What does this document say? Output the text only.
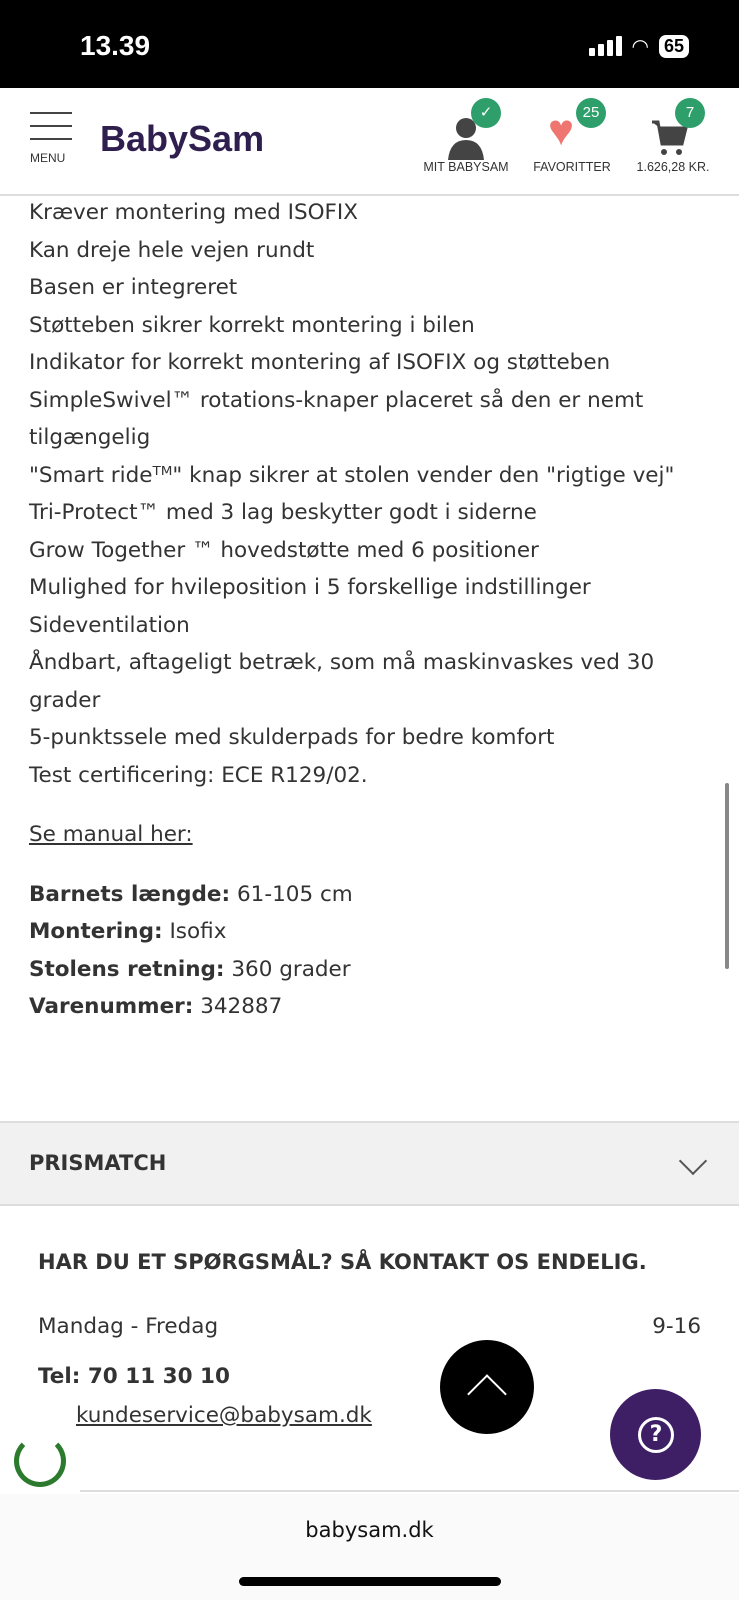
13.39	◠ 65
MENU BabySam
✓
MIT BABYSAM
♥ 25
FAVORITTER
7
1.626,28 KR.

Kræver montering med ISOFIX

Kan dreje hele vejen rundt

Basen er integreret

Støtteben sikrer korrekt montering i bilen

Indikator for korrekt montering af ISOFIX og støtteben

SimpleSwivel™ rotations-knaper placeret så den er nemt tilgængelig

"Smart rideᵀᴹ" knap sikrer at stolen vender den "rigtige vej"

Tri-Protect™ med 3 lag beskytter godt i siderne

Grow Together ™ hovedstøtte med 6 positioner

Mulighed for hvileposition i 5 forskellige indstillinger

Sideventilation

Åndbart, aftageligt betræk, som må maskinvaskes ved 30 grader

5-punktssele med skulderpads for bedre komfort

Test certificering: ECE R129/02.

Se manual her:

Barnets længde: 61-105 cm

Montering: Isofix

Stolens retning: 360 grader

Varenummer: 342887

PRISMATCH
HAR DU ET SPØRGSMÅL? SÅ KONTAKT OS ENDELIG.
Mandag - Fredag	9-16

Tel: 70 11 30 10

kundeservice@babysam.dk

?
babysam.dk
